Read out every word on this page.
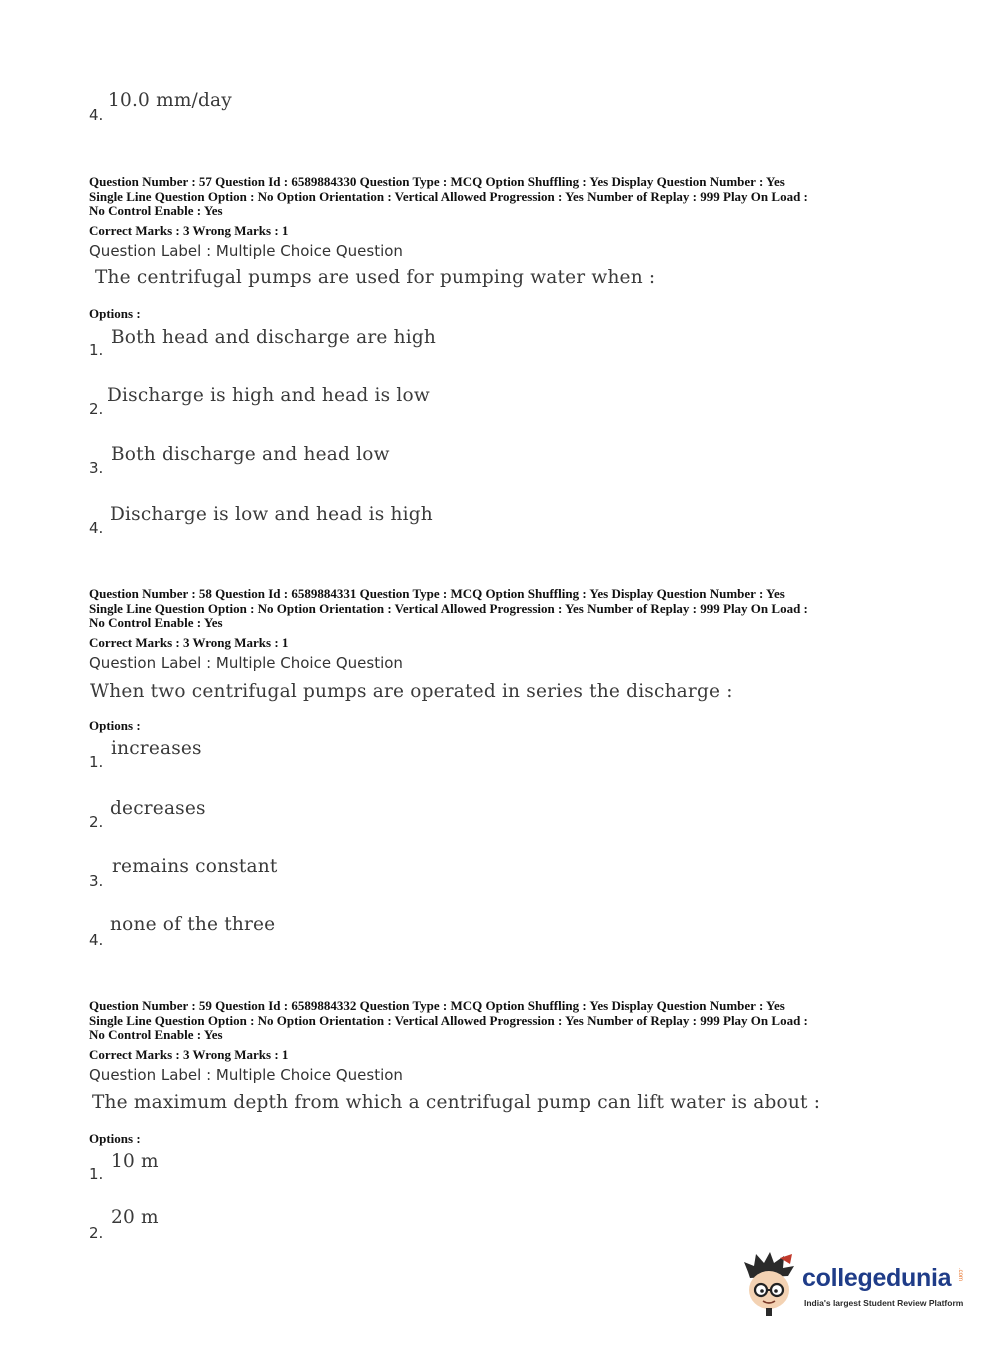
4.
10.0 mm/day
Question Number : 57 Question Id : 6589884330 Question Type : MCQ Option Shuffling : Yes Display Question Number : Yes
Single Line Question Option : No Option Orientation : Vertical Allowed Progression : Yes Number of Replay : 999 Play On Load :
No Control Enable : Yes
Correct Marks : 3 Wrong Marks : 1
Question Label : Multiple Choice Question
The centrifugal pumps are used for pumping water when :
Options :
1.
Both head and discharge are high
2.
Discharge is high and head is low
3.
Both discharge and head low
4.
Discharge is low and head is high
Question Number : 58 Question Id : 6589884331 Question Type : MCQ Option Shuffling : Yes Display Question Number : Yes
Single Line Question Option : No Option Orientation : Vertical Allowed Progression : Yes Number of Replay : 999 Play On Load :
No Control Enable : Yes
Correct Marks : 3 Wrong Marks : 1
Question Label : Multiple Choice Question
When two centrifugal pumps are operated in series the discharge :
Options :
1.
increases
2.
decreases
3.
remains constant
4.
none of the three
Question Number : 59 Question Id : 6589884332 Question Type : MCQ Option Shuffling : Yes Display Question Number : Yes
Single Line Question Option : No Option Orientation : Vertical Allowed Progression : Yes Number of Replay : 999 Play On Load :
No Control Enable : Yes
Correct Marks : 3 Wrong Marks : 1
Question Label : Multiple Choice Question
The maximum depth from which a centrifugal pump can lift water is about :
Options :
1.
10 m
2.
20 m
collegedunia .com
India's largest Student Review Platform
